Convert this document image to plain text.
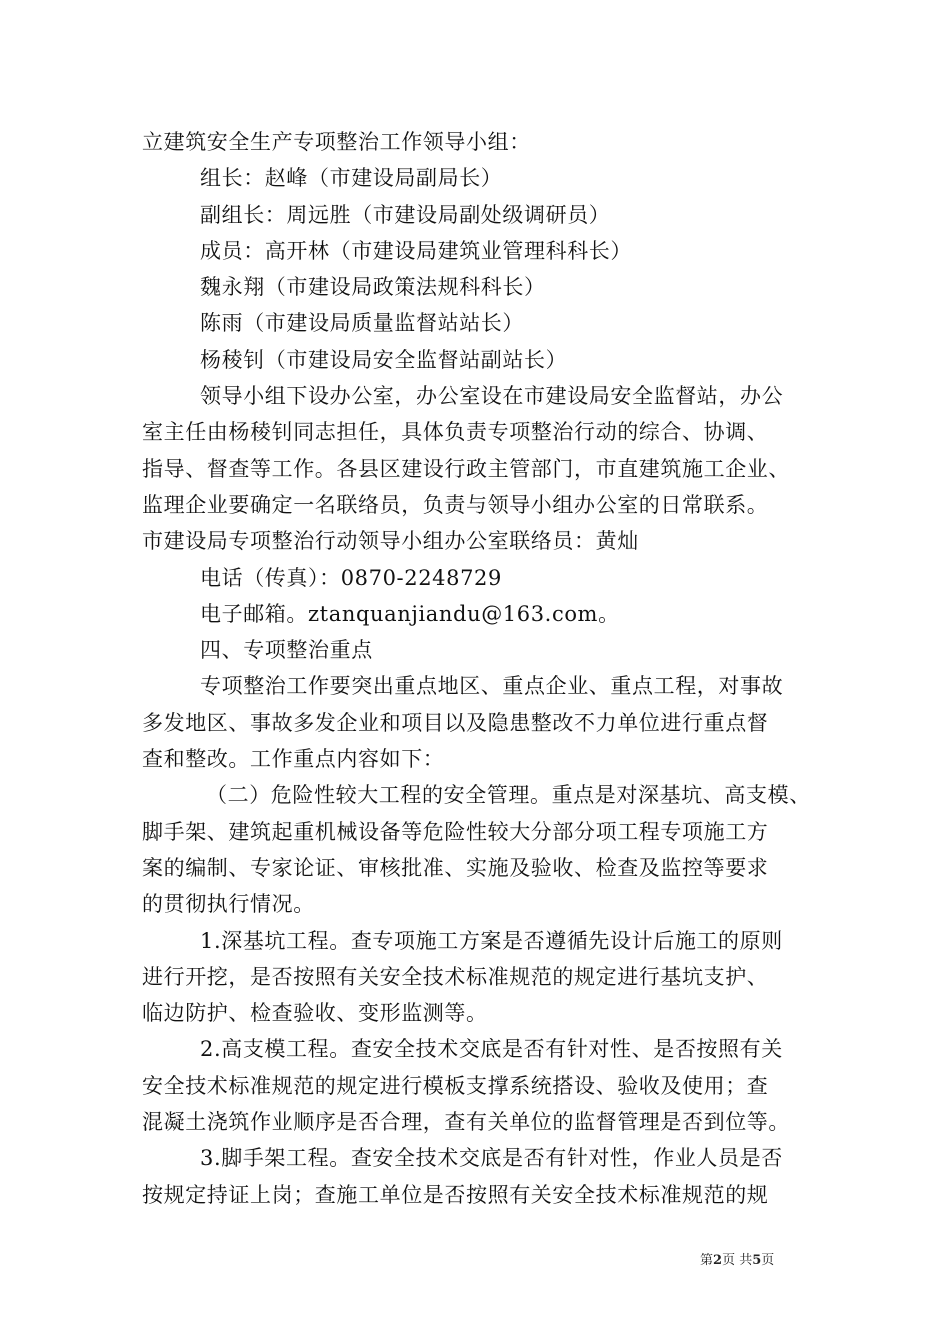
立建筑安全生产专项整治工作领导小组：

组长：赵峰（市建设局副局长）

副组长：周远胜（市建设局副处级调研员）

成员：高开林（市建设局建筑业管理科科长）

魏永翔（市建设局政策法规科科长）

陈雨（市建设局质量监督站站长）

杨稜钊（市建设局安全监督站副站长）

领导小组下设办公室，办公室设在市建设局安全监督站，办公

室主任由杨稜钊同志担任，具体负责专项整治行动的综合、协调、

指导、督查等工作。各县区建设行政主管部门，市直建筑施工企业、

监理企业要确定一名联络员，负责与领导小组办公室的日常联系。

市建设局专项整治行动领导小组办公室联络员：黄灿

电话（传真）：0870-2248729

电子邮箱。ztanquanjiandu@163.com。

四、专项整治重点

专项整治工作要突出重点地区、重点企业、重点工程，对事故

多发地区、事故多发企业和项目以及隐患整改不力单位进行重点督

查和整改。工作重点内容如下：

（二）危险性较大工程的安全管理。重点是对深基坑、高支模、

脚手架、建筑起重机械设备等危险性较大分部分项工程专项施工方

案的编制、专家论证、审核批准、实施及验收、检查及监控等要求

的贯彻执行情况。

1.深基坑工程。查专项施工方案是否遵循先设计后施工的原则

进行开挖，是否按照有关安全技术标准规范的规定进行基坑支护、

临边防护、检查验收、变形监测等。

2.高支模工程。查安全技术交底是否有针对性、是否按照有关

安全技术标准规范的规定进行模板支撑系统搭设、验收及使用；查

混凝土浇筑作业顺序是否合理，查有关单位的监督管理是否到位等。

3.脚手架工程。查安全技术交底是否有针对性，作业人员是否

按规定持证上岗；查施工单位是否按照有关安全技术标准规范的规

第2页 共5页
